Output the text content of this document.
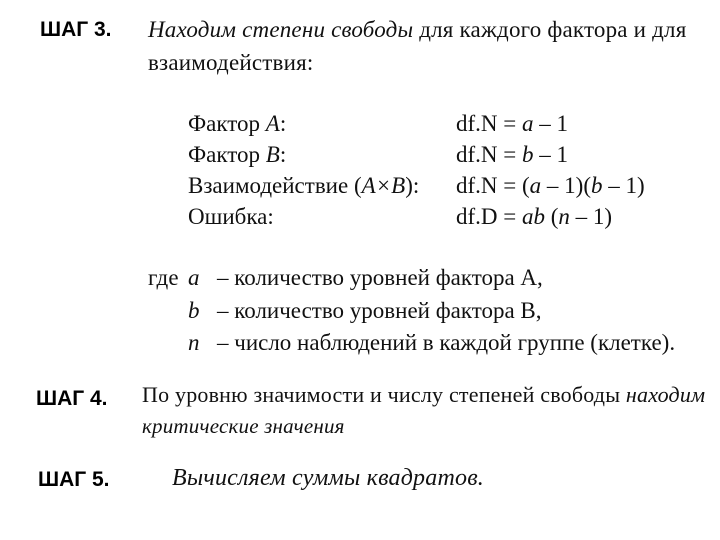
ШАГ 3. Находим степени свободы для каждого фактора и для
взаимодействия:
Фактор A:	df.N = a – 1
Фактор B:	df.N = b – 1
Взаимодействие (A×B): df.N = (a – 1)(b – 1)
Ошибка:	df.D = ab (n – 1)
где a – количество уровней фактора А,
b – количество уровней фактора В,
n – число наблюдений в каждой группе (клетке).
ШАГ 4. По уровню значимости и числу степеней свободы находим
критические значения
ШАГ 5.	Вычисляем суммы квадратов.
